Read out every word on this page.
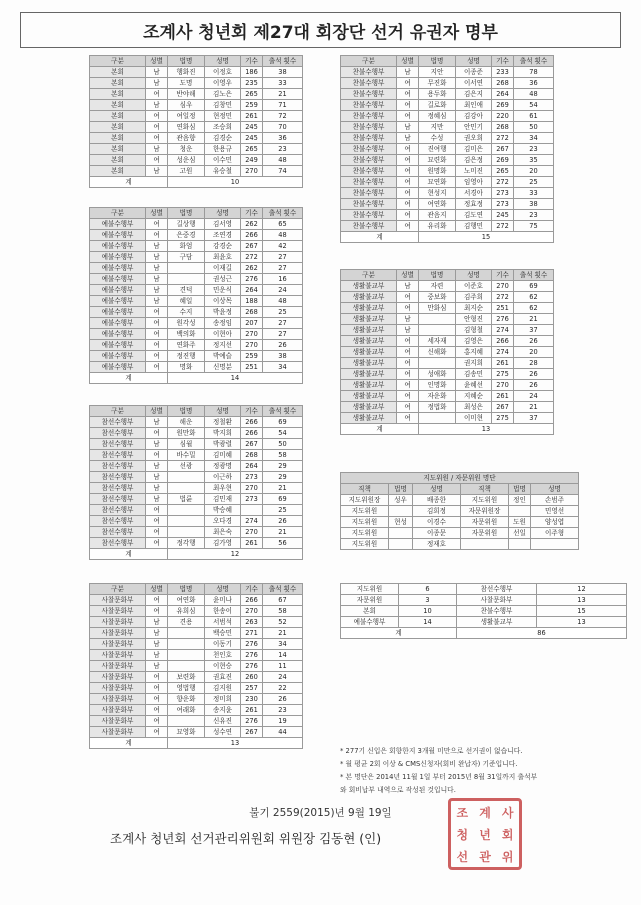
조계사 청년회 제27대 회장단 선거 유권자 명부
* 277기 신입은 회향한지 3개월 미만으로 선거권이 없습니다.
* 월 평균 2회 이상 & CMS신청자(회비 완납자) 기준입니다.
* 본 명단은 2014년 11월 1일 부터 2015년 8월 31일까지 출석부
와 회비납부 내역으로 작성된 것입니다.
불기 2559(2015)년 9월 19일
조계사 청년회 선거관리위원회 위원장 김동현 (인)
조 계 사
청 년 회
선 관 위
구분	성별	법명	성명	기수	출석 횟수
본회	남	행화진	이정호	186	38
본회	남	도명	이영우	235	33
본회	여	반야해	김노은	265	21
본회	남	심우	김창민	259	71
본회	여	여일정	현정민	261	72
본회	여	연화심	조승희	245	70
본회	여	관음향	김경순	245	36
본회	남	청운	한용규	265	23
본회	여	성운심	이수민	249	48
본회	남	고원	유승철	270	74
계		10			
구분	성별	법명	성명	기수	출석 횟수
예불수행부	여	길상행	김서영	262	65
예불수행부	여	은중경	조연경	266	48
예불수행부	남	화엄	강경순	267	42
예불수행부	남	구담	최윤호	272	27
예불수행부	남		이재길	262	27
예불수행부	남		권성근	276	16
예불수행부	남	견덕	민운식	264	24
예불수행부	남	혜일	이상목	188	48
예불수행부	여	수지	박윤정	268	25
예불수행부	여	원각성	송정임	207	27
예불수행부	여	백의화	이현아	270	27
예불수행부	여	연화주	정지선	270	26
예불수행부	여	정진행	박예슬	259	38
예불수행부	여	명화	신명분	251	34
계		14			
구분	성별	법명	성명	기수	출석 횟수
참선수행부	남	해운	정철환	266	69
참선수행부	여	원만화	박지희	266	54
참선수행부	남	심월	박광렬	267	50
참선수행부	여	바수밀	김미혜	268	58
참선수행부	남	선광	정광명	264	29
참선수행부	남		이근하	273	29
참선수행부	남		최우현	270	21
참선수행부	남	법륜	김민재	273	69
참선수행부	여		박승혜		25
참선수행부	여		오다경	274	26
참선수행부	여		최은숙	270	21
참선수행부	여	정각행	김가영	261	56
계		12			
구분	성별	법명	성명	기수	출석 횟수
사찰문화부	여	여연화	윤미나	266	67
사찰문화부	여	유희심	한송이	270	58
사찰문화부	남	견용	서범석	263	52
사찰문화부	남		백승민	271	21
사찰문화부	남		이동기	276	34
사찰문화부	남		천인호	276	14
사찰문화부	남		이현승	276	11
사찰문화부	여	보련화	권효진	260	24
사찰문화부	여	영법행	김지원	257	22
사찰문화부	여	향운화	정미희	230	26
사찰문화부	여	여래화	송지윤	261	23
사찰문화부	여		신유진	276	19
사찰문화부	여	묘영화	성수연	267	44
계		13			
구분	성별	법명	성명	기수	출석 횟수
찬불수행부	남	지안	이종준	233	78
찬불수행부	여	무진화	이서연	268	36
찬불수행부	여	용두화	김은지	264	48
찬불수행부	여	길로화	최인애	269	54
찬불수행부	여	정혜심	김강아	220	61
찬불수행부	남	지만	안민기	268	50
찬불수행부	남	수성	권오희	272	34
찬불수행부	여	진여행	김미은	267	23
찬불수행부	여	묘련화	김은정	269	35
찬불수행부	여	원명화	노미진	265	20
찬불수행부	여	묘연화	임영아	272	25
찬불수행부	여	현성지	서경아	273	33
찬불수행부	여	여연화	정효정	273	38
찬불수행부	여	관음지	김도연	245	23
찬불수행부	여	유리화	김행민	272	75
계		15			
구분	성별	법명	성명	기수	출석 횟수
생활불교부	남	자련	이준호	270	69
생활불교부	여	중보화	김주희	272	62
생활불교부	여	만화심	최지순	251	62
생활불교부	남		안형진	276	21
생활불교부	남		김형철	274	37
생활불교부	여	세자재	김영은	266	26
생활불교부	여	신해화	홍지혜	274	20
생활불교부	여		권지희	261	28
생활불교부	여	성애화	김송민	275	26
생활불교부	여	인명화	윤혜선	270	26
생활불교부	여	자운화	지혜순	261	24
생활불교부	여	정법화	최성은	267	21
생활불교부	여		이미현	275	37
계		13			
지도위원 / 자문위원 명단					
직책	법명	성명	직책	법명	성명
지도위원장	성우	배종한	지도위원	정인	손범주
지도위원		김희정	자문위원장		민영선
지도위원	현성	이경수	자문위원	도원	양성엽
지도위원		이종문	자문위원	선일	이주형
지도위원		정재호			
지도위원	6	참선수행부	12
자문위원	3	사찰문화부	13
본회	10	찬불수행부	15
예불수행부	14	생활불교부	13
계		86	
